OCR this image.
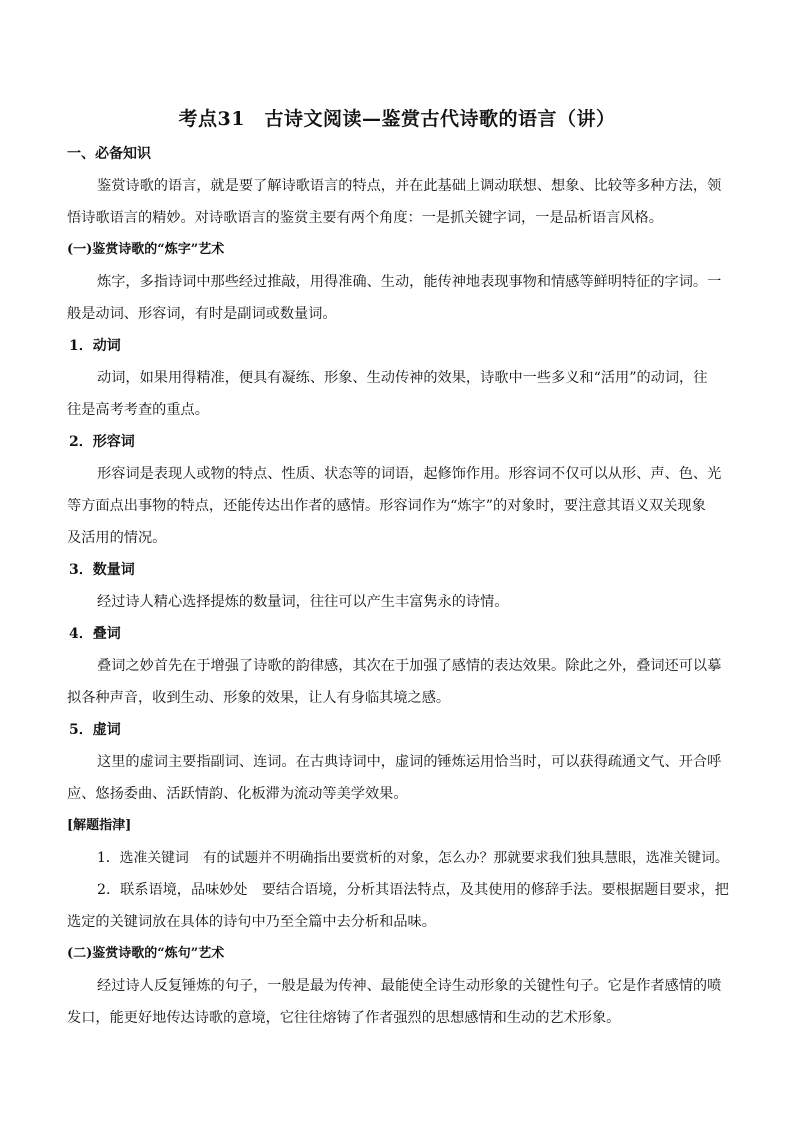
考点31　古诗文阅读—鉴赏古代诗歌的语言（讲）
一、必备知识
鉴赏诗歌的语言，就是要了解诗歌语言的特点，并在此基础上调动联想、想象、比较等多种方法，领
悟诗歌语言的精妙。对诗歌语言的鉴赏主要有两个角度：一是抓关键字词，一是品析语言风格。
(一)鉴赏诗歌的“炼字”艺术
炼字，多指诗词中那些经过推敲，用得准确、生动，能传神地表现事物和情感等鲜明特征的字词。一
般是动词、形容词，有时是副词或数量词。
1．动词
动词，如果用得精准，便具有凝练、形象、生动传神的效果，诗歌中一些多义和“活用”的动词，往
往是高考考查的重点。
2．形容词
形容词是表现人或物的特点、性质、状态等的词语，起修饰作用。形容词不仅可以从形、声、色、光
等方面点出事物的特点，还能传达出作者的感情。形容词作为“炼字”的对象时，要注意其语义双关现象
及活用的情况。
3．数量词
经过诗人精心选择提炼的数量词，往往可以产生丰富隽永的诗情。
4．叠词
叠词之妙首先在于增强了诗歌的韵律感，其次在于加强了感情的表达效果。除此之外，叠词还可以摹
拟各种声音，收到生动、形象的效果，让人有身临其境之感。
5．虚词
这里的虚词主要指副词、连词。在古典诗词中，虚词的锤炼运用恰当时，可以获得疏通文气、开合呼
应、悠扬委曲、活跃情韵、化板滞为流动等美学效果。
[解题指津]
1．选准关键词　有的试题并不明确指出要赏析的对象，怎么办？那就要求我们独具慧眼，选准关键词。
2．联系语境，品味妙处　要结合语境，分析其语法特点，及其使用的修辞手法。要根据题目要求，把
选定的关键词放在具体的诗句中乃至全篇中去分析和品味。
(二)鉴赏诗歌的“炼句”艺术
经过诗人反复锤炼的句子，一般是最为传神、最能使全诗生动形象的关键性句子。它是作者感情的喷
发口，能更好地传达诗歌的意境，它往往熔铸了作者强烈的思想感情和生动的艺术形象。
